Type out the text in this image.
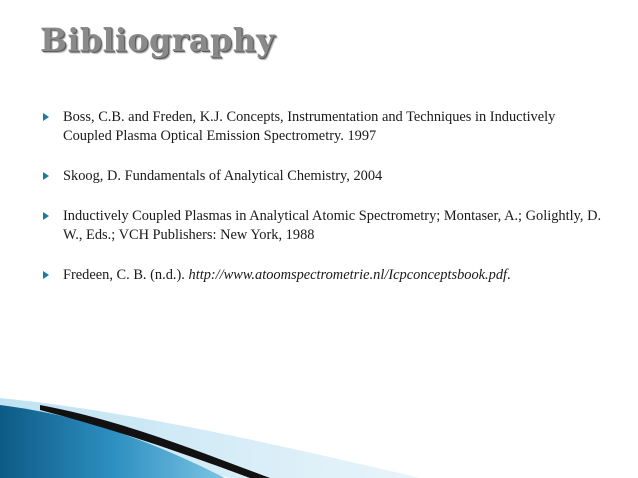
Bibliography
Boss, C.B. and Freden, K.J. Concepts, Instrumentation and Techniques in Inductively Coupled Plasma Optical Emission Spectrometry. 1997
Skoog, D. Fundamentals of Analytical Chemistry, 2004
Inductively Coupled Plasmas in Analytical Atomic Spectrometry; Montaser, A.; Golightly, D. W., Eds.; VCH Publishers: New York, 1988
Fredeen, C. B. (n.d.). http://www.atoomspectrometrie.nl/Icpconceptsbook.pdf.
